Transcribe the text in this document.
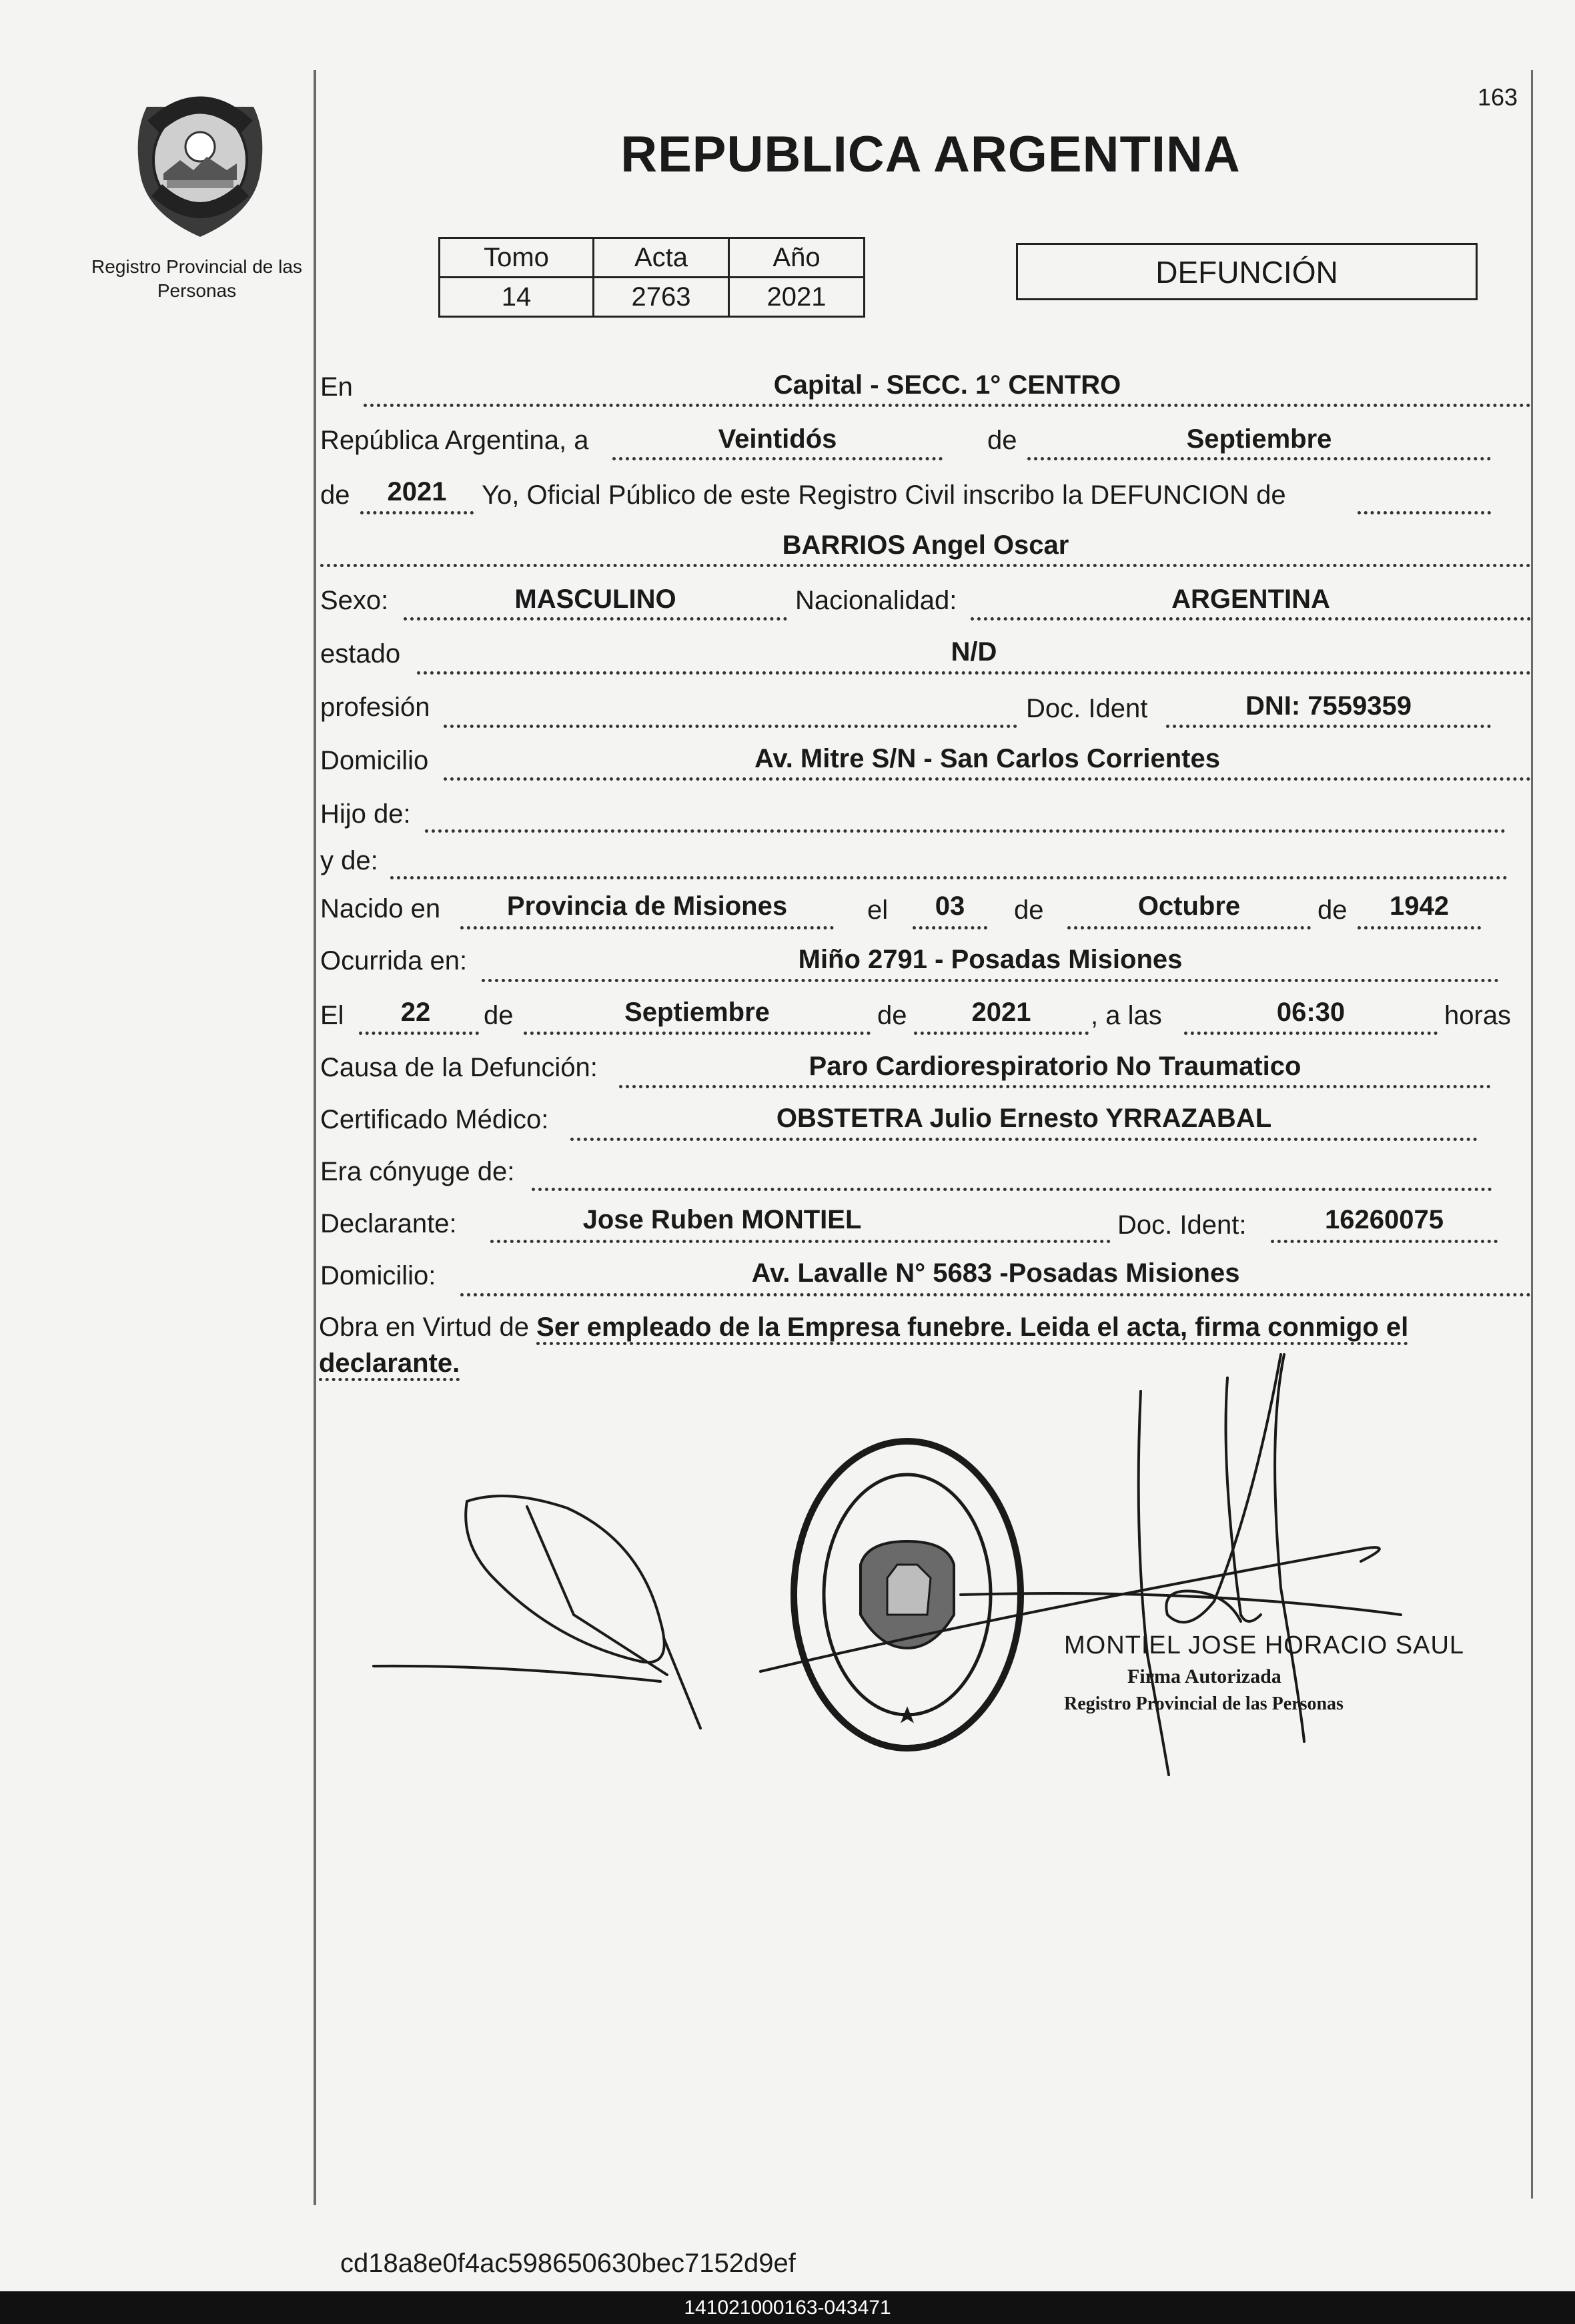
Registro Provincial de las Personas
163
REPUBLICA ARGENTINA
Tomo	Acta	Año
14	2763	2021
DEFUNCIÓN
En	Capital - SECC. 1° CENTRO
República Argentina, a	Veintidós	de	Septiembre
de	2021	Yo, Oficial Público de este Registro Civil inscribo la DEFUNCION de
BARRIOS Angel Oscar
Sexo:	MASCULINO	Nacionalidad:	ARGENTINA
estado	N/D
profesión	Doc. Ident	DNI: 7559359
Domicilio	Av. Mitre S/N - San Carlos Corrientes
Hijo de:
y de:
Nacido en	Provincia de Misiones	el	03	de	Octubre	de	1942
Ocurrida en:	Miño 2791 - Posadas Misiones
El	22	de	Septiembre	de	2021	, a las	06:30	horas
Causa de la Defunción:	Paro Cardiorespiratorio No Traumatico
Certificado Médico:	OBSTETRA Julio Ernesto YRRAZABAL
Era cónyuge de:
Declarante:	Jose Ruben MONTIEL	Doc. Ident:	16260075
Domicilio:	Av. Lavalle N° 5683 -Posadas Misiones
Obra en Virtud de Ser empleado de la Empresa funebre. Leida el acta, firma conmigo el declarante.
MONTIEL JOSE HORACIO SAUL
Firma Autorizada
Registro Provincial de las Personas
cd18a8e0f4ac598650630bec7152d9ef
141021000163-043471
